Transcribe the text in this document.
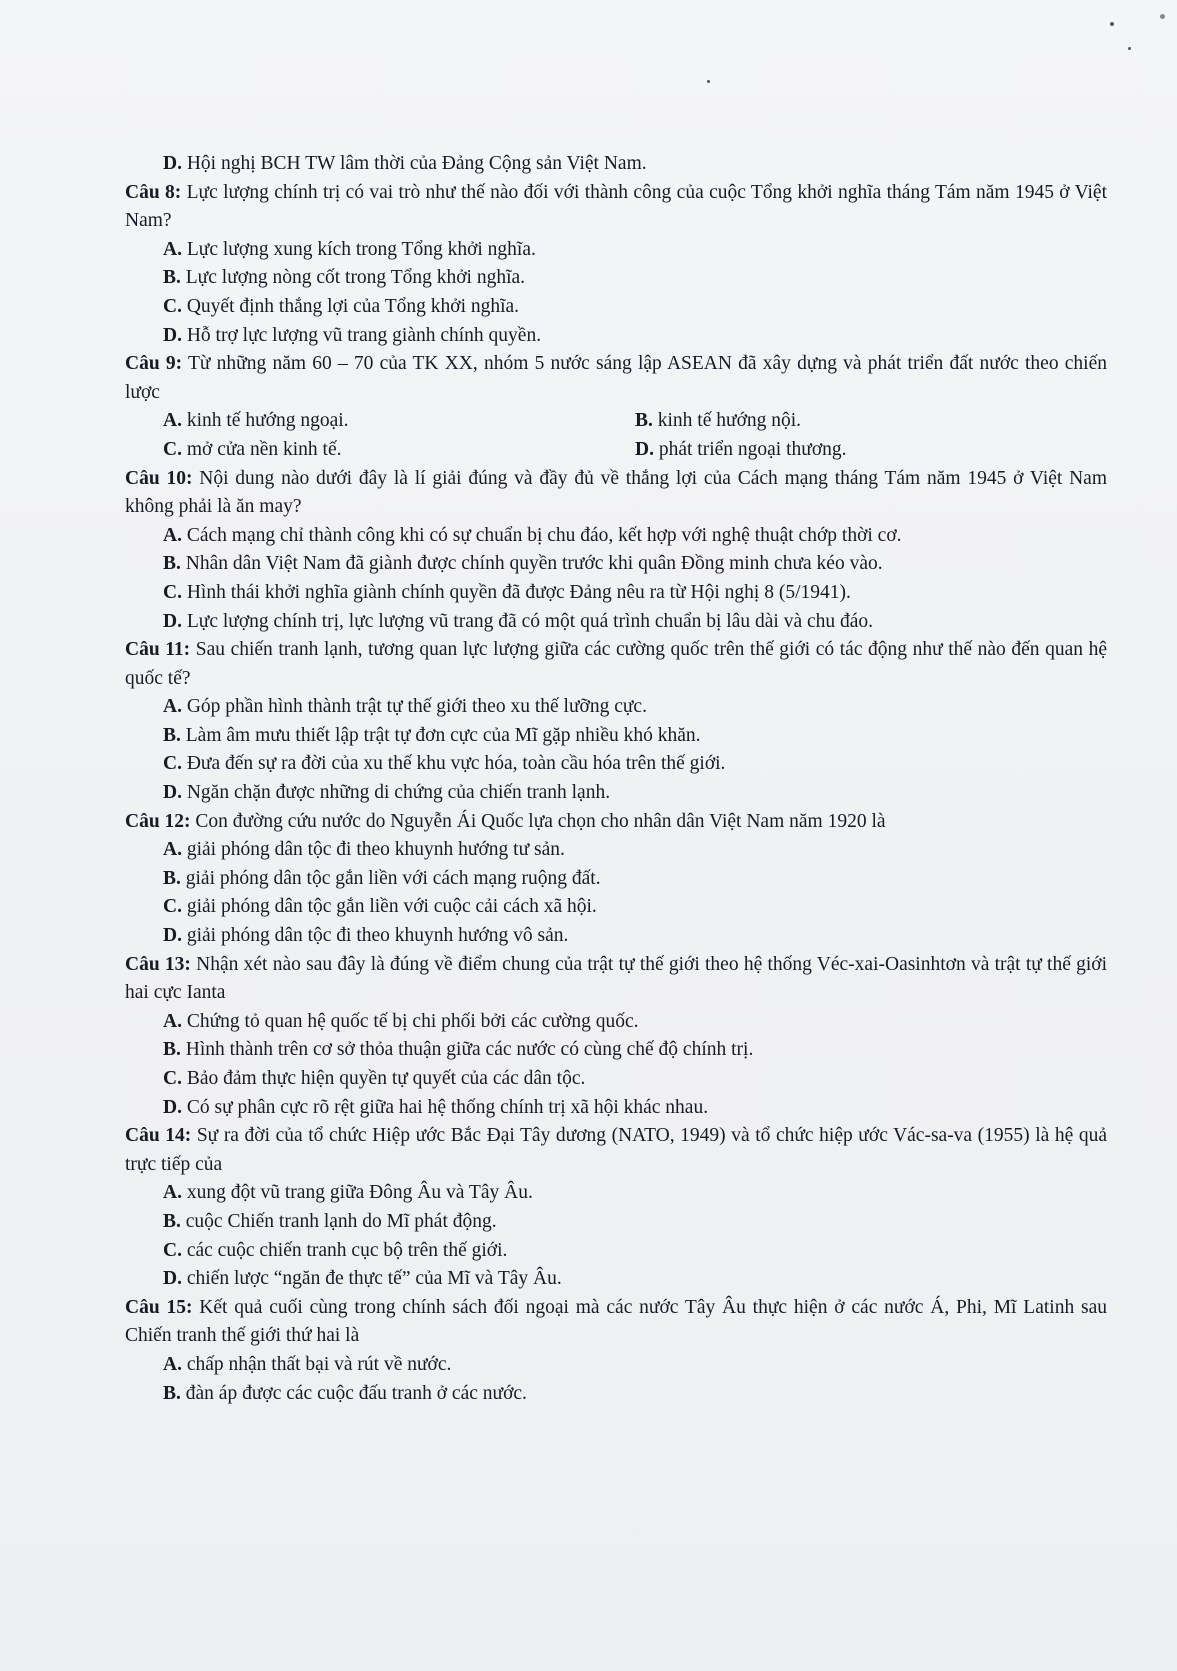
D. Hội nghị BCH TW lâm thời của Đảng Cộng sản Việt Nam.
Câu 8: Lực lượng chính trị có vai trò như thế nào đối với thành công của cuộc Tổng khởi nghĩa tháng Tám năm 1945 ở Việt Nam?
A. Lực lượng xung kích trong Tổng khởi nghĩa.
B. Lực lượng nòng cốt trong Tổng khởi nghĩa.
C. Quyết định thắng lợi của Tổng khởi nghĩa.
D. Hỗ trợ lực lượng vũ trang giành chính quyền.
Câu 9: Từ những năm 60 – 70 của TK XX, nhóm 5 nước sáng lập ASEAN đã xây dựng và phát triển đất nước theo chiến lược
A. kinh tế hướng ngoại.	B. kinh tế hướng nội.
C. mở cửa nền kinh tế.	D. phát triển ngoại thương.
Câu 10: Nội dung nào dưới đây là lí giải đúng và đầy đủ về thắng lợi của Cách mạng tháng Tám năm 1945 ở Việt Nam không phải là ăn may?
A. Cách mạng chỉ thành công khi có sự chuẩn bị chu đáo, kết hợp với nghệ thuật chớp thời cơ.
B. Nhân dân Việt Nam đã giành được chính quyền trước khi quân Đồng minh chưa kéo vào.
C. Hình thái khởi nghĩa giành chính quyền đã được Đảng nêu ra từ Hội nghị 8 (5/1941).
D. Lực lượng chính trị, lực lượng vũ trang đã có một quá trình chuẩn bị lâu dài và chu đáo.
Câu 11: Sau chiến tranh lạnh, tương quan lực lượng giữa các cường quốc trên thế giới có tác động như thế nào đến quan hệ quốc tế?
A. Góp phần hình thành trật tự thế giới theo xu thế lưỡng cực.
B. Làm âm mưu thiết lập trật tự đơn cực của Mĩ gặp nhiều khó khăn.
C. Đưa đến sự ra đời của xu thế khu vực hóa, toàn cầu hóa trên thế giới.
D. Ngăn chặn được những di chứng của chiến tranh lạnh.
Câu 12: Con đường cứu nước do Nguyễn Ái Quốc lựa chọn cho nhân dân Việt Nam năm 1920 là
A. giải phóng dân tộc đi theo khuynh hướng tư sản.
B. giải phóng dân tộc gắn liền với cách mạng ruộng đất.
C. giải phóng dân tộc gắn liền với cuộc cải cách xã hội.
D. giải phóng dân tộc đi theo khuynh hướng vô sản.
Câu 13: Nhận xét nào sau đây là đúng về điểm chung của trật tự thế giới theo hệ thống Véc-xai-Oasinhtơn và trật tự thế giới hai cực Ianta
A. Chứng tỏ quan hệ quốc tế bị chi phối bởi các cường quốc.
B. Hình thành trên cơ sở thỏa thuận giữa các nước có cùng chế độ chính trị.
C. Bảo đảm thực hiện quyền tự quyết của các dân tộc.
D. Có sự phân cực rõ rệt giữa hai hệ thống chính trị xã hội khác nhau.
Câu 14: Sự ra đời của tổ chức Hiệp ước Bắc Đại Tây dương (NATO, 1949) và tổ chức hiệp ước Vác-sa-va (1955) là hệ quả trực tiếp của
A. xung đột vũ trang giữa Đông Âu và Tây Âu.
B. cuộc Chiến tranh lạnh do Mĩ phát động.
C. các cuộc chiến tranh cục bộ trên thế giới.
D. chiến lược “ngăn đe thực tế” của Mĩ và Tây Âu.
Câu 15: Kết quả cuối cùng trong chính sách đối ngoại mà các nước Tây Âu thực hiện ở các nước Á, Phi, Mĩ Latinh sau Chiến tranh thế giới thứ hai là
A. chấp nhận thất bại và rút về nước.
B. đàn áp được các cuộc đấu tranh ở các nước.
